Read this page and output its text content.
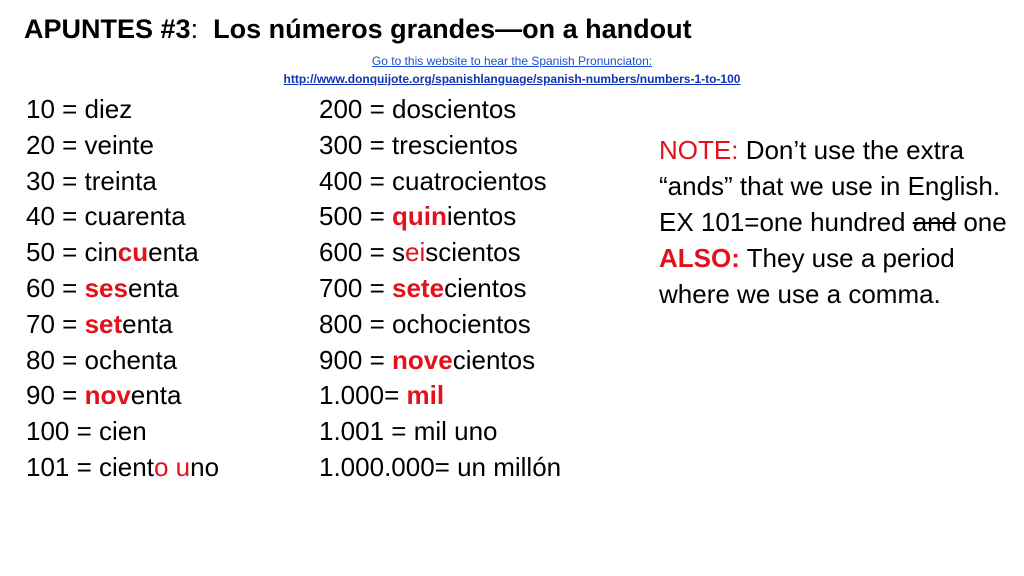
APUNTES #3: Los números grandes—on a handout
Go to this website to hear the Spanish Pronunciaton:
http://www.donquijote.org/spanishlanguage/spanish-numbers/numbers-1-to-100
10 = diez
20 = veinte
30 = treinta
40 = cuarenta
50 = cincuenta
60 = sesenta
70 = setenta
80 = ochenta
90 = noventa
100 = cien
101 = ciento uno
200 = doscientos
300 = trescientos
400 = cuatrocientos
500 = quinientos
600 = seiscientos
700 = setecientos
800 = ochocientos
900 = novecientos
1.000= mil
1.001 = mil uno
1.000.000= un millón
NOTE: Don’t use the extra “ands” that we use in English.
EX 101=one hundred and one
ALSO: They use a period where we use a comma.
